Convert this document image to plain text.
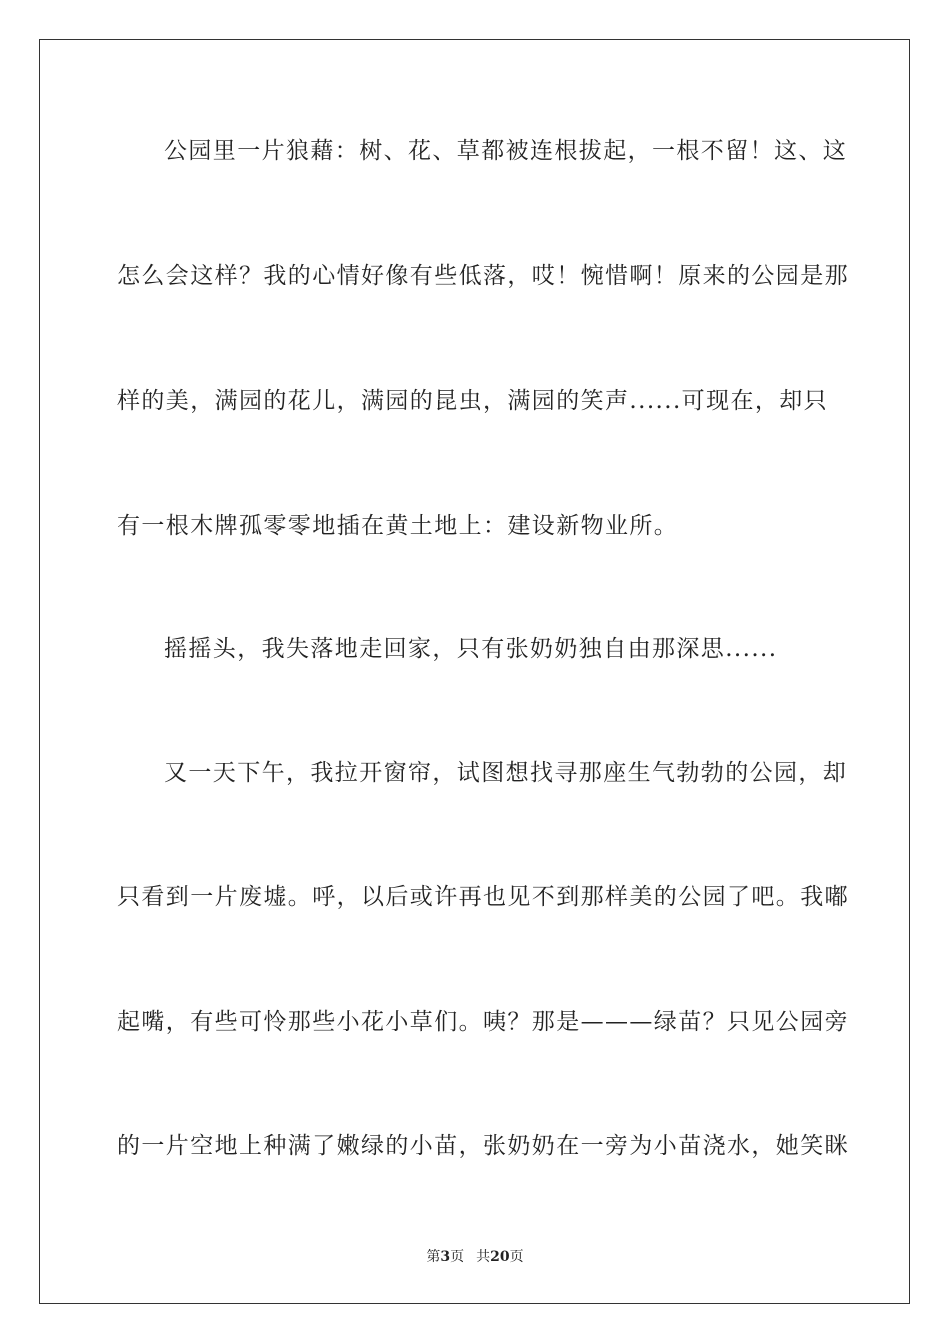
公园里一片狼藉：树、花、草都被连根拔起，一根不留！这、这
怎么会这样？我的心情好像有些低落，哎！惋惜啊！原来的公园是那
样的美，满园的花儿，满园的昆虫，满园的笑声......可现在，却只
有一根木牌孤零零地插在黄土地上：建设新物业所。
摇摇头，我失落地走回家，只有张奶奶独自由那深思......
又一天下午，我拉开窗帘，试图想找寻那座生气勃勃的公园，却
只看到一片废墟。呼，以后或许再也见不到那样美的公园了吧。我嘟
起嘴，有些可怜那些小花小草们。咦？那是———绿苗？只见公园旁
的一片空地上种满了嫩绿的小苗，张奶奶在一旁为小苗浇水，她笑眯
第3页 共20页
